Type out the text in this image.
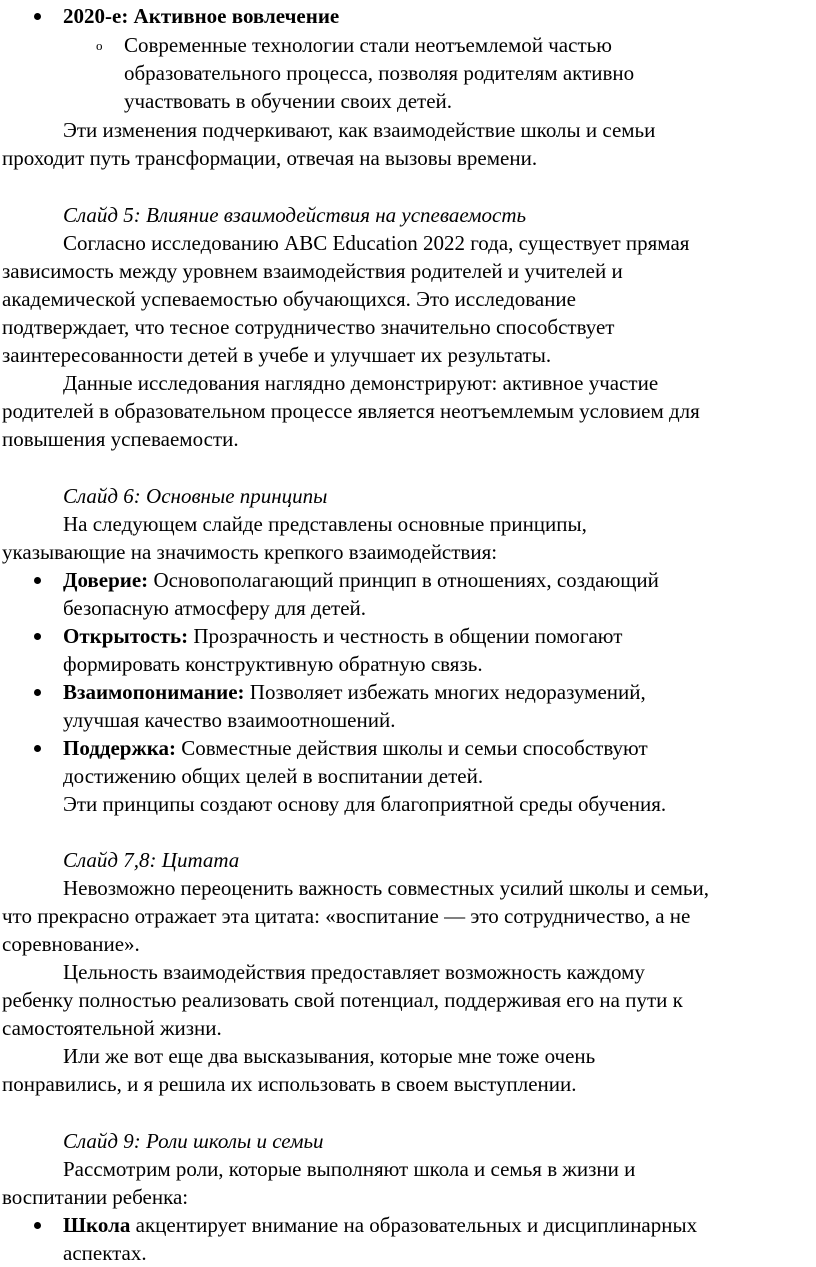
2020-е: Активное вовлечение
o Современные технологии стали неотъемлемой частью
образовательного процесса, позволяя родителям активно
участвовать в обучении своих детей.
Эти изменения подчеркивают, как взаимодействие школы и семьи
проходит путь трансформации, отвечая на вызовы времени.
Слайд 5: Влияние взаимодействия на успеваемость
Согласно исследованию ABC Education 2022 года, существует прямая
зависимость между уровнем взаимодействия родителей и учителей и
академической успеваемостью обучающихся. Это исследование
подтверждает, что тесное сотрудничество значительно способствует
заинтересованности детей в учебе и улучшает их результаты.
Данные исследования наглядно демонстрируют: активное участие
родителей в образовательном процессе является неотъемлемым условием для
повышения успеваемости.
Слайд 6: Основные принципы
На следующем слайде представлены основные принципы,
указывающие на значимость крепкого взаимодействия:
Доверие: Основополагающий принцип в отношениях, создающий
безопасную атмосферу для детей.
Открытость: Прозрачность и честность в общении помогают
формировать конструктивную обратную связь.
Взаимопонимание: Позволяет избежать многих недоразумений,
улучшая качество взаимоотношений.
Поддержка: Совместные действия школы и семьи способствуют
достижению общих целей в воспитании детей.
Эти принципы создают основу для благоприятной среды обучения.
Слайд 7,8: Цитата
Невозможно переоценить важность совместных усилий школы и семьи,
что прекрасно отражает эта цитата: «воспитание — это сотрудничество, а не
соревнование».
Цельность взаимодействия предоставляет возможность каждому
ребенку полностью реализовать свой потенциал, поддерживая его на пути к
самостоятельной жизни.
Или же вот еще два высказывания, которые мне тоже очень
понравились, и я решила их использовать в своем выступлении.
Слайд 9: Роли школы и семьи
Рассмотрим роли, которые выполняют школа и семья в жизни и
воспитании ребенка:
Школа акцентирует внимание на образовательных и дисциплинарных
аспектах.
